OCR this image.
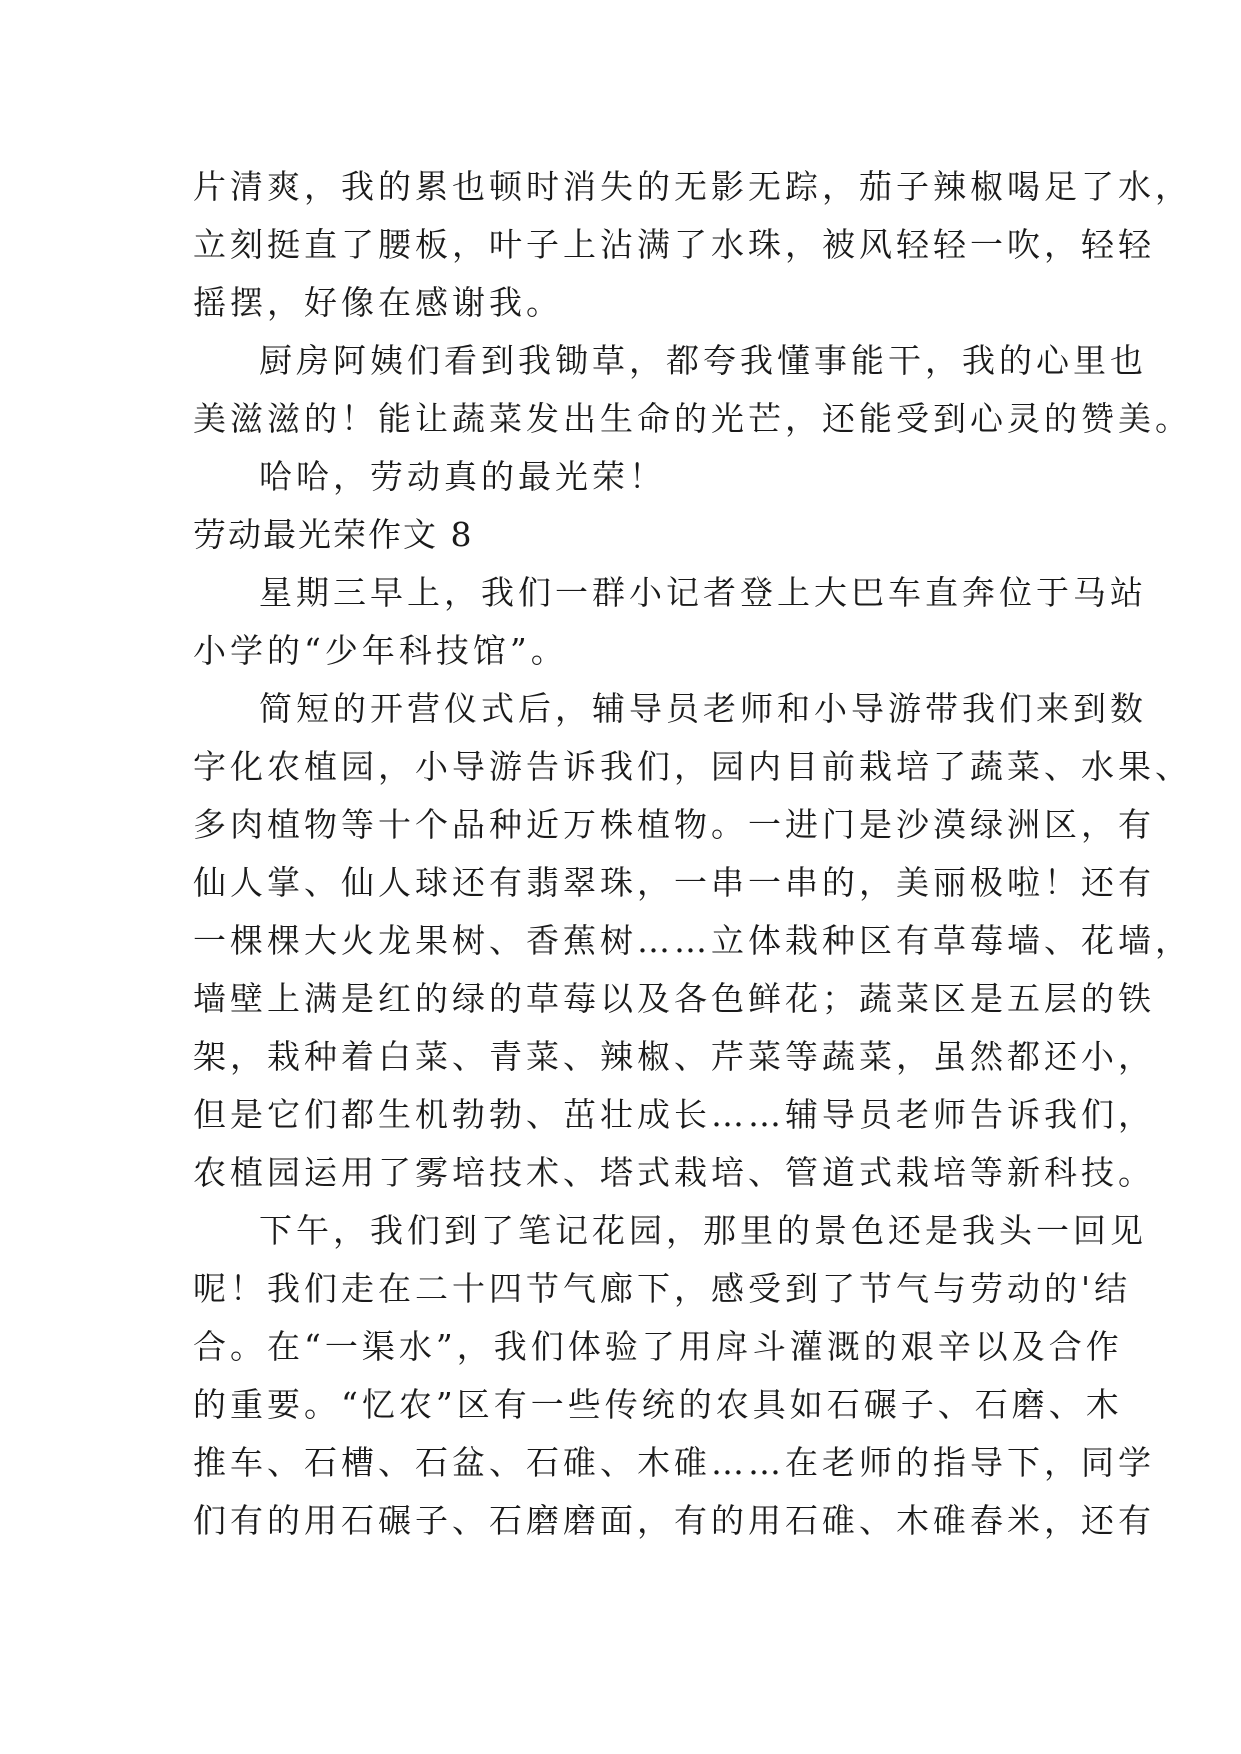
片清爽，我的累也顿时消失的无影无踪，茄子辣椒喝足了水，
立刻挺直了腰板，叶子上沾满了水珠，被风轻轻一吹，轻轻
摇摆，好像在感谢我。
厨房阿姨们看到我锄草，都夸我懂事能干，我的心里也
美滋滋的！能让蔬菜发出生命的光芒，还能受到心灵的赞美。
哈哈，劳动真的最光荣！
劳动最光荣作文 8
星期三早上，我们一群小记者登上大巴车直奔位于马站
小学的“少年科技馆”。
简短的开营仪式后，辅导员老师和小导游带我们来到数
字化农植园，小导游告诉我们，园内目前栽培了蔬菜、水果、
多肉植物等十个品种近万株植物。一进门是沙漠绿洲区，有
仙人掌、仙人球还有翡翠珠，一串一串的，美丽极啦！还有
一棵棵大火龙果树、香蕉树……立体栽种区有草莓墙、花墙，
墙壁上满是红的绿的草莓以及各色鲜花；蔬菜区是五层的铁
架，栽种着白菜、青菜、辣椒、芹菜等蔬菜，虽然都还小，
但是它们都生机勃勃、茁壮成长……辅导员老师告诉我们，
农植园运用了雾培技术、塔式栽培、管道式栽培等新科技。
下午，我们到了笔记花园，那里的景色还是我头一回见
呢！我们走在二十四节气廊下，感受到了节气与劳动的'结
合。在“一渠水”，我们体验了用戽斗灌溉的艰辛以及合作
的重要。“忆农”区有一些传统的农具如石碾子、石磨、木
推车、石槽、石盆、石碓、木碓……在老师的指导下，同学
们有的用石碾子、石磨磨面，有的用石碓、木碓舂米，还有
